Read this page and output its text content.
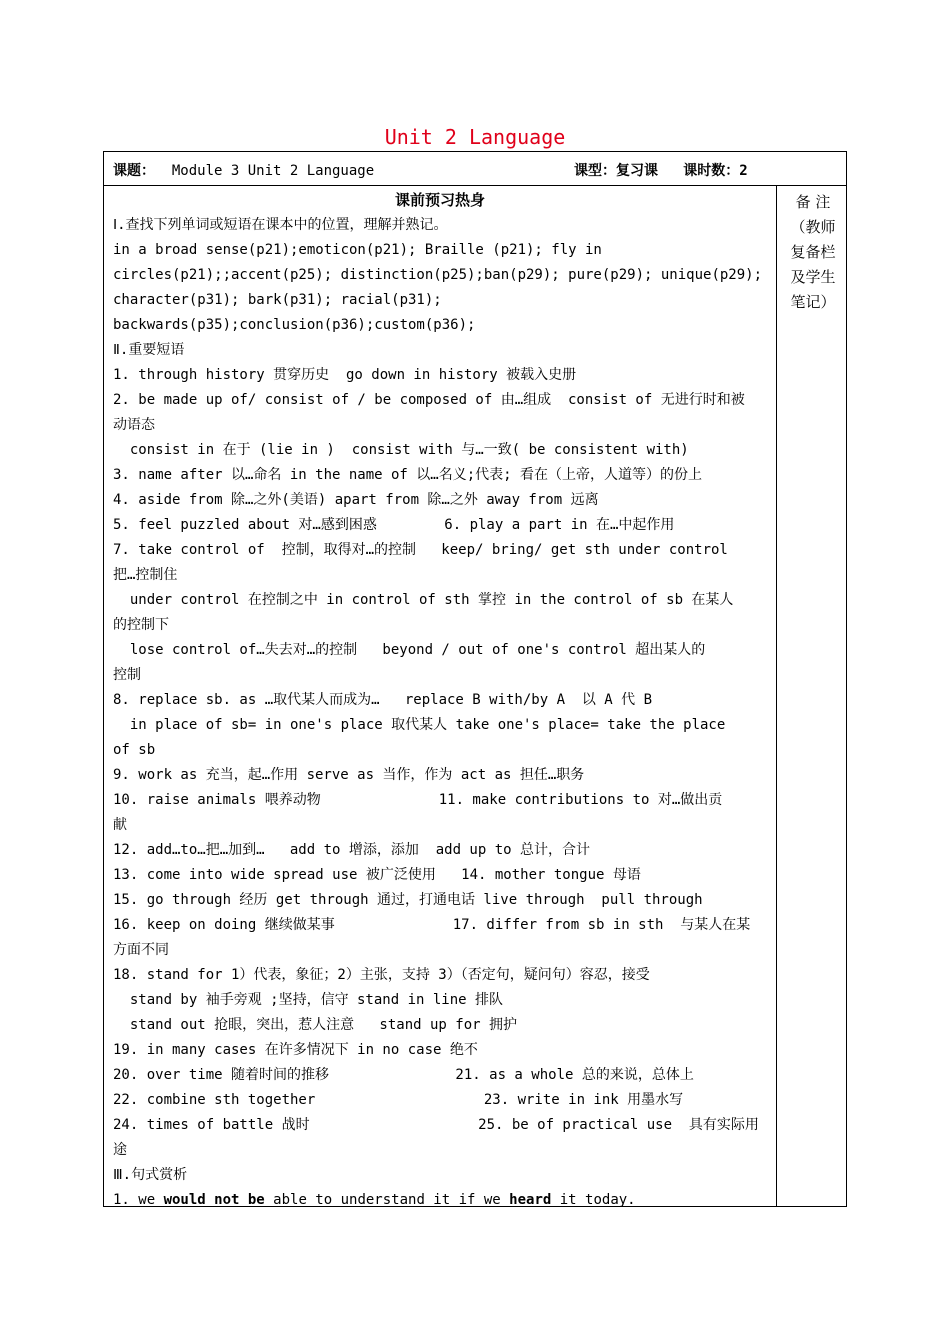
Unit 2 Language
课题： Module 3 Unit 2 Language	课型：复习课 课时数：2
课前预习热身
Ⅰ.查找下列单词或短语在课本中的位置，理解并熟记。
in a broad sense(p21);emoticon(p21); Braille (p21); fly in
circles(p21);;accent(p25); distinction(p25);ban(p29); pure(p29); unique(p29);
character(p31); bark(p31); racial(p31);
backwards(p35);conclusion(p36);custom(p36);
Ⅱ.重要短语
1. through history 贯穿历史  go down in history 被载入史册
2. be made up of/ consist of / be composed of 由…组成  consist of 无进行时和被
动语态
consist in 在于 (lie in )  consist with 与…一致( be consistent with)
3. name after 以…命名 in the name of 以…名义;代表; 看在（上帝，人道等）的份上
4. aside from 除…之外(美语) apart from 除…之外 away from 远离
5. feel puzzled about 对…感到困惑        6. play a part in 在…中起作用
7. take control of  控制，取得对…的控制   keep/ bring/ get sth under control
把…控制住
under control 在控制之中 in control of sth 掌控 in the control of sb 在某人
的控制下
lose control of…失去对…的控制   beyond / out of one's control 超出某人的
控制
8. replace sb. as …取代某人而成为…   replace B with/by A  以 A 代 B
in place of sb= in one's place 取代某人 take one's place= take the place
of sb
9. work as 充当，起…作用 serve as 当作，作为 act as 担任…职务
10. raise animals 喂养动物              11. make contributions to 对…做出贡
献
12. add…to…把…加到…   add to 增添，添加  add up to 总计，合计
13. come into wide spread use 被广泛使用   14. mother tongue 母语
15. go through 经历 get through 通过，打通电话 live through  pull through
16. keep on doing 继续做某事              17. differ from sb in sth  与某人在某
方面不同
18. stand for 1）代表，象征；2）主张，支持 3）（否定句，疑问句）容忍，接受
stand by 袖手旁观 ;坚持，信守 stand in line 排队
stand out 抢眼，突出，惹人注意   stand up for 拥护
19. in many cases 在许多情况下 in no case 绝不
20. over time 随着时间的推移               21. as a whole 总的来说，总体上
22. combine sth together                    23. write in ink 用墨水写
24. times of battle 战时                    25. be of practical use  具有实际用
途
Ⅲ.句式赏析
1. we would not be able to understand it if we heard it today.
备 注（教师复备栏及学生笔记）
